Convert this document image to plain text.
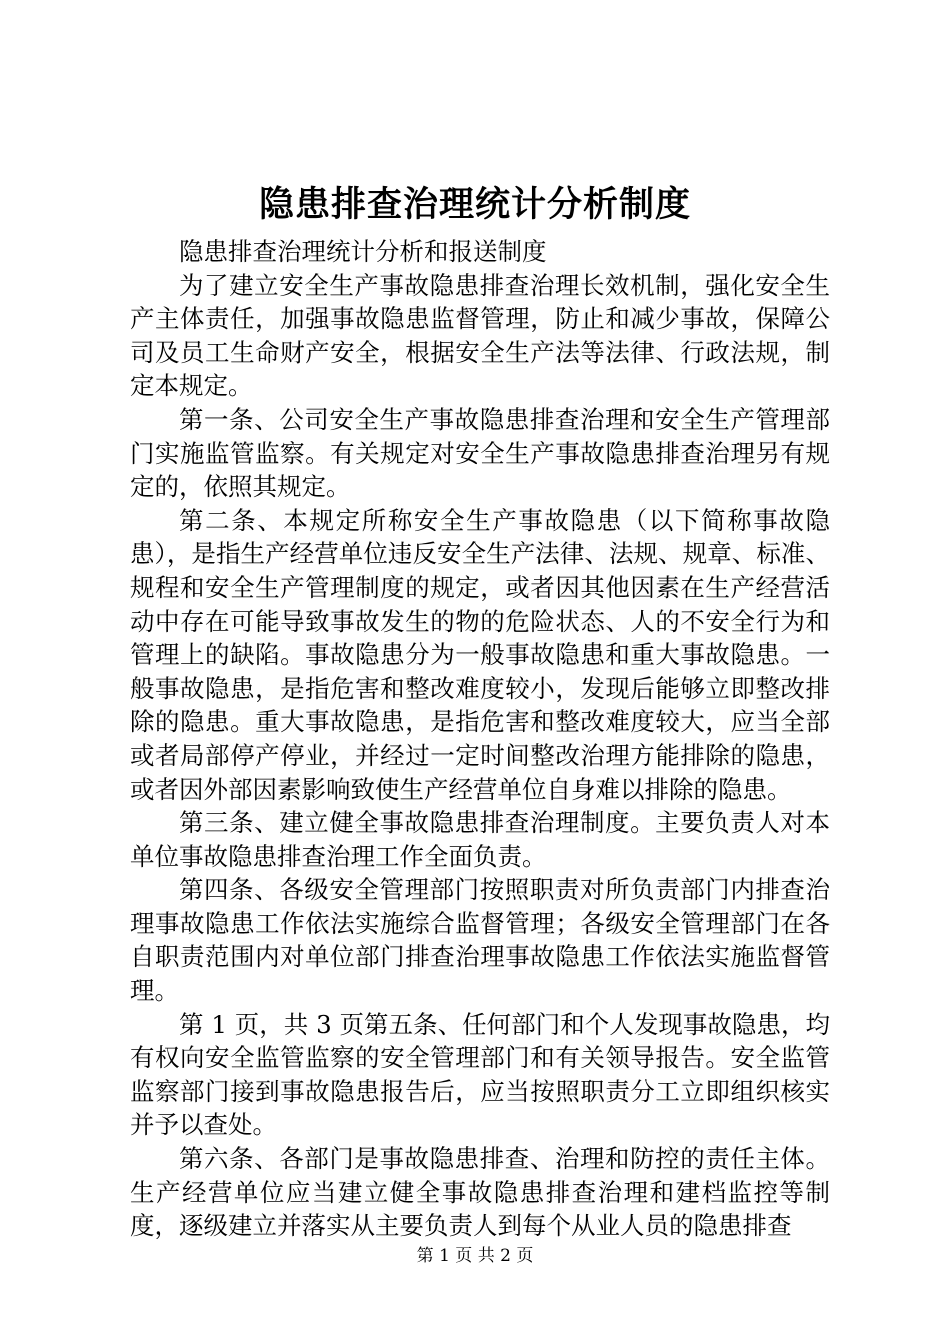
隐患排查治理统计分析制度

隐患排查治理统计分析和报送制度

为了建立安全生产事故隐患排查治理长效机制，强化安全生产主体责任，加强事故隐患监督管理，防止和减少事故，保障公司及员工生命财产安全，根据安全生产法等法律、行政法规，制定本规定。

第一条、公司安全生产事故隐患排查治理和安全生产管理部门实施监管监察。有关规定对安全生产事故隐患排查治理另有规定的，依照其规定。

第二条、本规定所称安全生产事故隐患（以下简称事故隐患），是指生产经营单位违反安全生产法律、法规、规章、标准、规程和安全生产管理制度的规定，或者因其他因素在生产经营活动中存在可能导致事故发生的物的危险状态、人的不安全行为和管理上的缺陷。事故隐患分为一般事故隐患和重大事故隐患。一般事故隐患，是指危害和整改难度较小，发现后能够立即整改排除的隐患。重大事故隐患，是指危害和整改难度较大，应当全部或者局部停产停业，并经过一定时间整改治理方能排除的隐患，或者因外部因素影响致使生产经营单位自身难以排除的隐患。

第三条、建立健全事故隐患排查治理制度。主要负责人对本单位事故隐患排查治理工作全面负责。

第四条、各级安全管理部门按照职责对所负责部门内排查治理事故隐患工作依法实施综合监督管理；各级安全管理部门在各自职责范围内对单位部门排查治理事故隐患工作依法实施监督管理。

第 1 页，共 3 页第五条、任何部门和个人发现事故隐患，均有权向安全监管监察的安全管理部门和有关领导报告。安全监管监察部门接到事故隐患报告后，应当按照职责分工立即组织核实并予以查处。

第六条、各部门是事故隐患排查、治理和防控的责任主体。生产经营单位应当建立健全事故隐患排查治理和建档监控等制度，逐级建立并落实从主要负责人到每个从业人员的隐患排查

第 1 页 共 2 页
